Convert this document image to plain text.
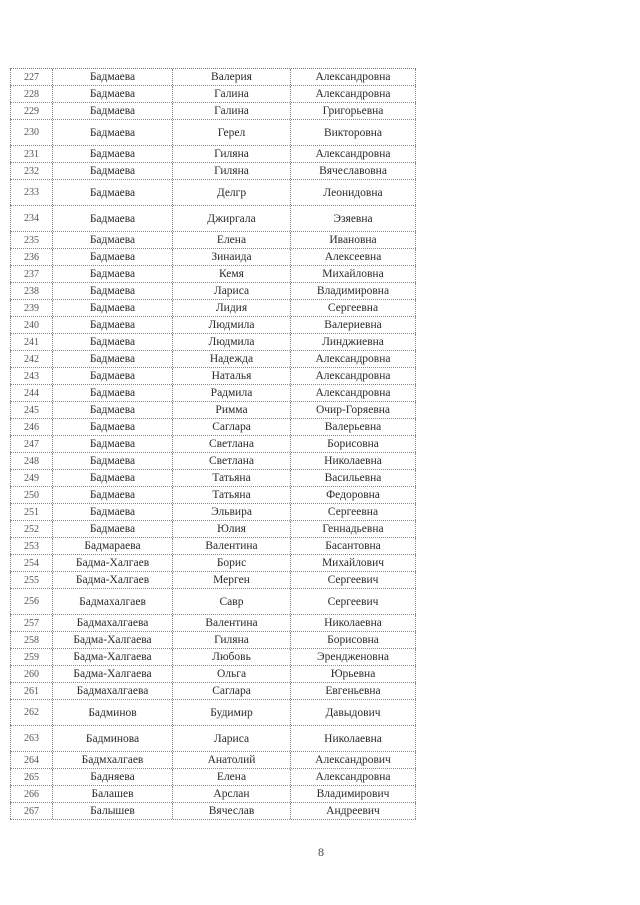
227	Бадмаева	Валерия	Александровна
228	Бадмаева	Галина	Александровна
229	Бадмаева	Галина	Григорьевна
230	Бадмаева	Герел	Викторовна
231	Бадмаева	Гиляна	Александровна
232	Бадмаева	Гиляна	Вячеславовна
233	Бадмаева	Делгр	Леонидовна
234	Бадмаева	Джиргала	Эзяевна
235	Бадмаева	Елена	Ивановна
236	Бадмаева	Зинаида	Алексеевна
237	Бадмаева	Кемя	Михайловна
238	Бадмаева	Лариса	Владимировна
239	Бадмаева	Лидия	Сергеевна
240	Бадмаева	Людмила	Валериевна
241	Бадмаева	Людмила	Линджиевна
242	Бадмаева	Надежда	Александровна
243	Бадмаева	Наталья	Александровна
244	Бадмаева	Радмила	Александровна
245	Бадмаева	Римма	Очир-Горяевна
246	Бадмаева	Саглара	Валерьевна
247	Бадмаева	Светлана	Борисовна
248	Бадмаева	Светлана	Николаевна
249	Бадмаева	Татьяна	Васильевна
250	Бадмаева	Татьяна	Федоровна
251	Бадмаева	Эльвира	Сергеевна
252	Бадмаева	Юлия	Геннадьевна
253	Бадмараева	Валентина	Басантовна
254	Бадма-Халгаев	Борис	Михайлович
255	Бадма-Халгаев	Мерген	Сергеевич
256	Бадмахалгаев	Савр	Сергеевич
257	Бадмахалгаева	Валентина	Николаевна
258	Бадма-Халгаева	Гиляна	Борисовна
259	Бадма-Халгаева	Любовь	Эрендженовна
260	Бадма-Халгаева	Ольга	Юрьевна
261	Бадмахалгаева	Саглара	Евгеньевна
262	Бадминов	Будимир	Давыдович
263	Бадминова	Лариса	Николаевна
264	Бадмхалгаев	Анатолий	Александрович
265	Бадняева	Елена	Александровна
266	Балашев	Арслан	Владимирович
267	Балышев	Вячеслав	Андреевич
8
